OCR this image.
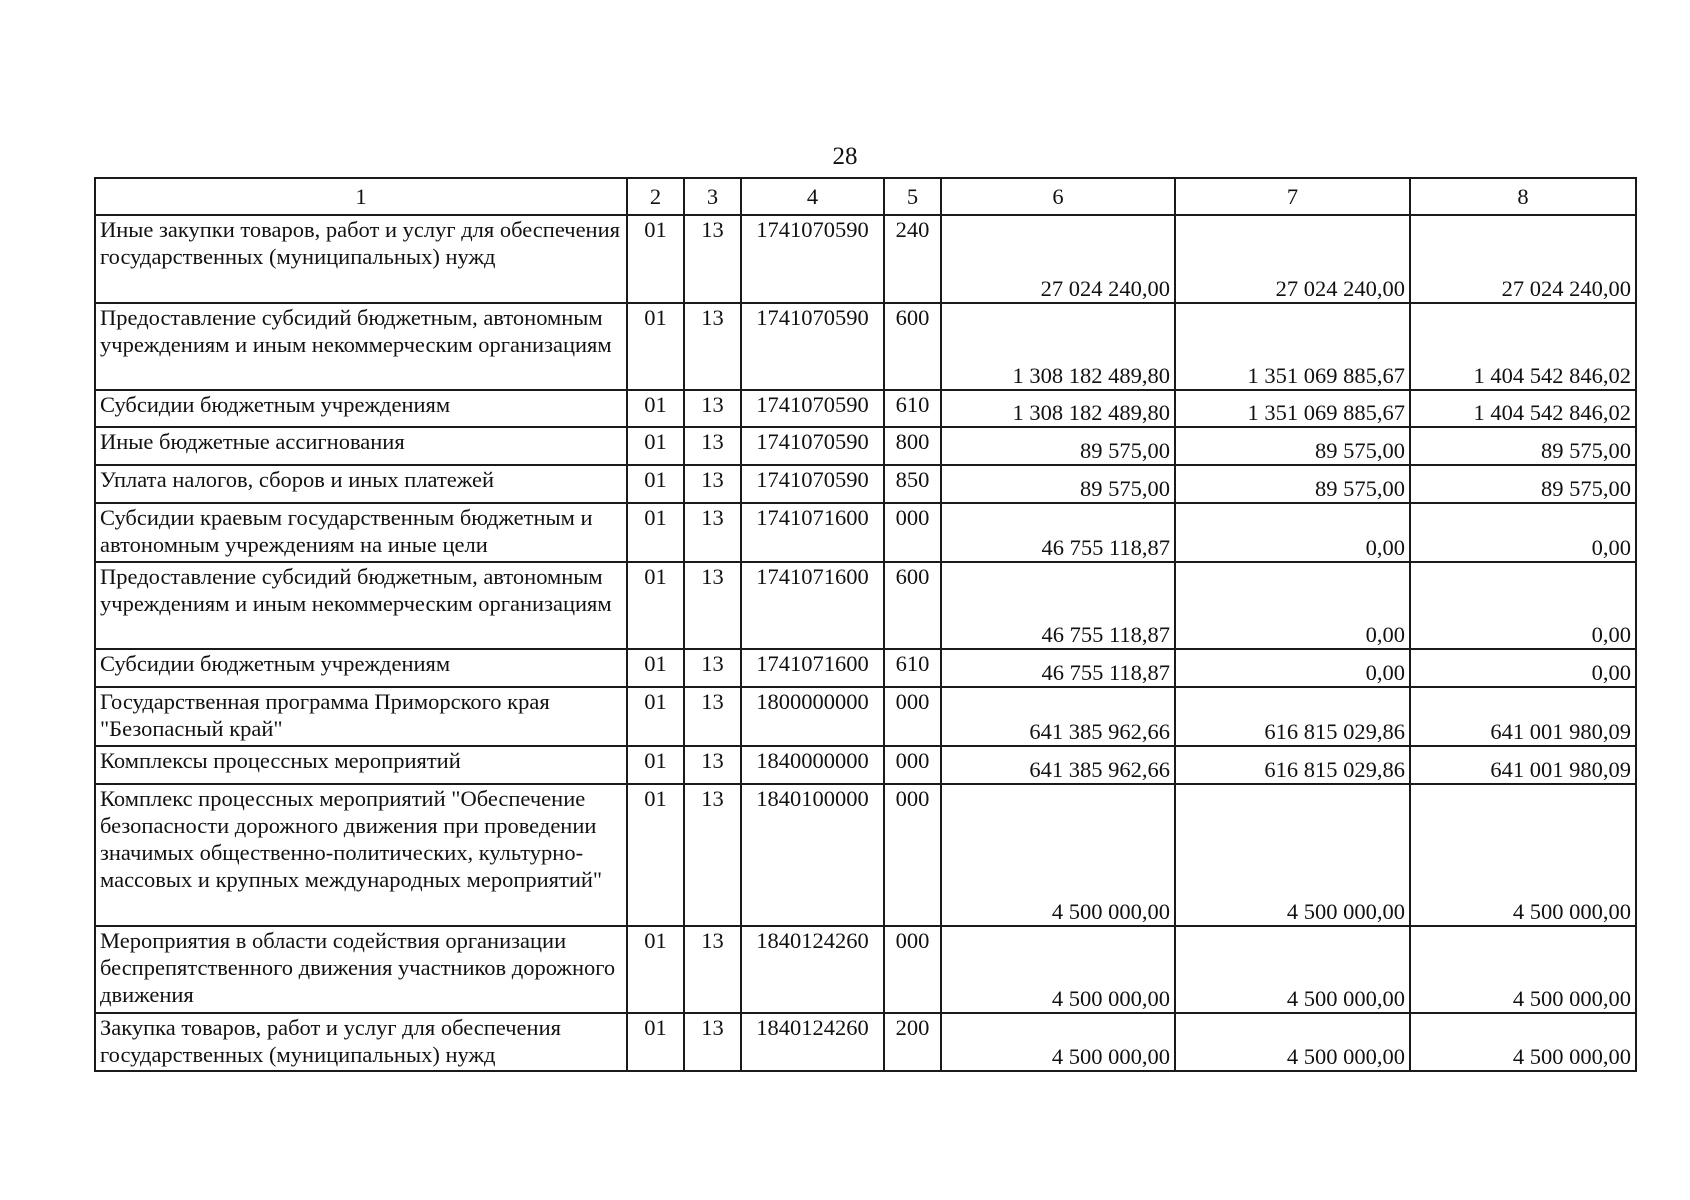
28
1	2	3	4	5	6	7	8
Иные закупки товаров, работ и услуг для обеспечения государственных (муниципальных) нужд	01	13	1741070590	240	27 024 240,00	27 024 240,00	27 024 240,00
Предоставление субсидий бюджетным, автономным учреждениям и иным некоммерческим организациям	01	13	1741070590	600	1 308 182 489,80	1 351 069 885,67	1 404 542 846,02
Субсидии бюджетным учреждениям	01	13	1741070590	610	1 308 182 489,80	1 351 069 885,67	1 404 542 846,02
Иные бюджетные ассигнования	01	13	1741070590	800	89 575,00	89 575,00	89 575,00
Уплата налогов, сборов и иных платежей	01	13	1741070590	850	89 575,00	89 575,00	89 575,00
Субсидии краевым государственным бюджетным и автономным учреждениям на иные цели	01	13	1741071600	000	46 755 118,87	0,00	0,00
Предоставление субсидий бюджетным, автономным учреждениям и иным некоммерческим организациям	01	13	1741071600	600	46 755 118,87	0,00	0,00
Субсидии бюджетным учреждениям	01	13	1741071600	610	46 755 118,87	0,00	0,00
Государственная программа Приморского края "Безопасный край"	01	13	1800000000	000	641 385 962,66	616 815 029,86	641 001 980,09
Комплексы процессных мероприятий	01	13	1840000000	000	641 385 962,66	616 815 029,86	641 001 980,09
Комплекс процессных мероприятий "Обеспечение безопасности дорожного движения при проведении значимых общественно-политических, культурно-массовых и крупных международных мероприятий"	01	13	1840100000	000	4 500 000,00	4 500 000,00	4 500 000,00
Мероприятия в области содействия организации беспрепятственного движения участников дорожного движения	01	13	1840124260	000	4 500 000,00	4 500 000,00	4 500 000,00
Закупка товаров, работ и услуг для обеспечения государственных (муниципальных) нужд	01	13	1840124260	200	4 500 000,00	4 500 000,00	4 500 000,00
